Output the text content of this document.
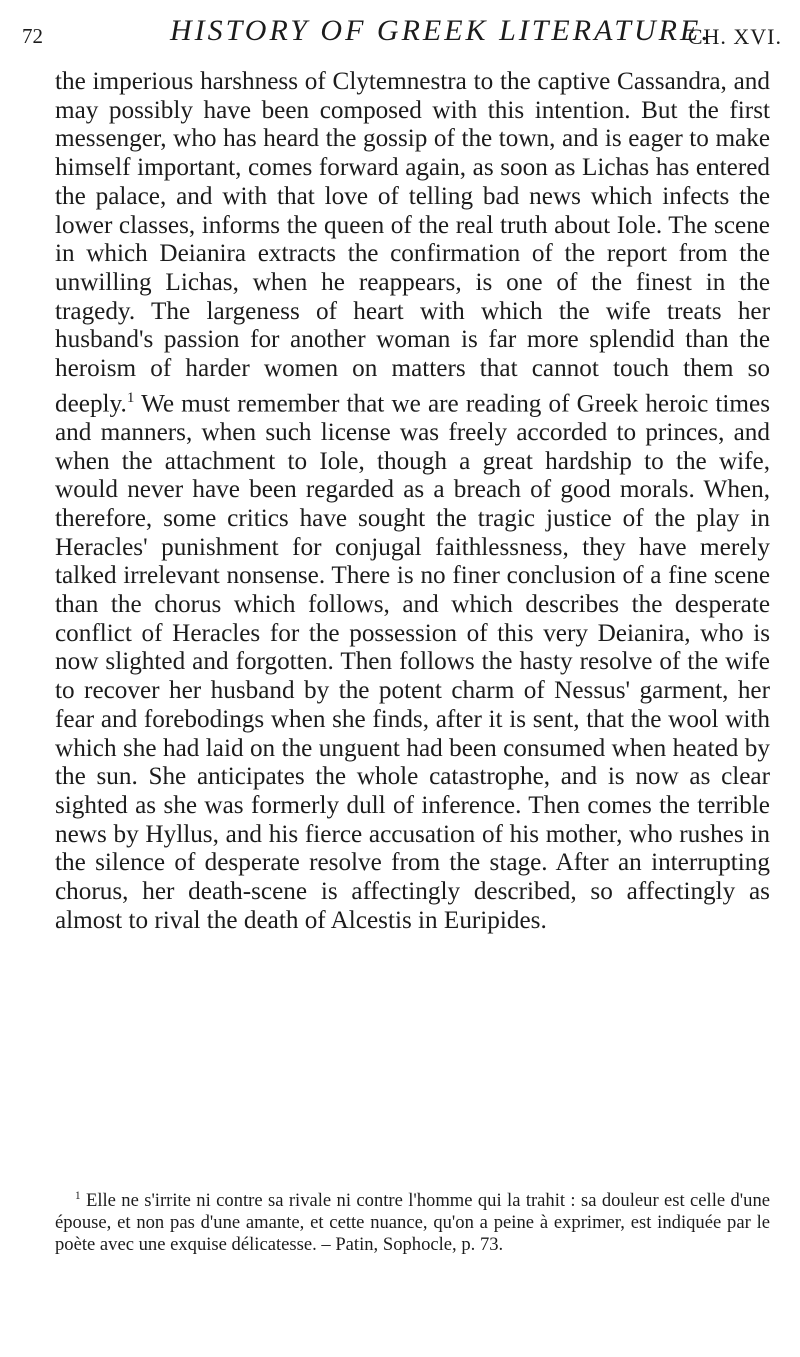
72	HISTORY OF GREEK LITERATURE.
CH. XVI.

the imperious harshness of Clytemnestra to the captive Cassandra, and may possibly have been composed with this intention. But the first messenger, who has heard the gossip of the town, and is eager to make himself important, comes forward again, as soon as Lichas has entered the palace, and with that love of telling bad news which infects the lower classes, informs the queen of the real truth about Iole. The scene in which Deianira extracts the confirmation of the report from the unwilling Lichas, when he reappears, is one of the finest in the tragedy. The largeness of heart with which the wife treats her husband's passion for another woman is far more splendid than the heroism of harder women on matters that cannot touch them so deeply.$^1$ We must remember that we are reading of Greek heroic times and manners, when such license was freely accorded to princes, and when the attachment to Iole, though a great hardship to the wife, would never have been regarded as a breach of good morals. When, therefore, some critics have sought the tragic justice of the play in Heracles' punishment for conjugal faithlessness, they have merely talked irrelevant nonsense. There is no finer conclusion of a fine scene than the chorus which follows, and which describes the desperate conflict of Heracles for the possession of this very Deianira, who is now slighted and forgotten. Then follows the hasty resolve of the wife to recover her husband by the potent charm of Nessus' garment, her fear and forebodings when she finds, after it is sent, that the wool with which she had laid on the unguent had been consumed when heated by the sun. She anticipates the whole catastrophe, and is now as clear sighted as she was formerly dull of inference. Then comes the terrible news by Hyllus, and his fierce accusation of his mother, who rushes in the silence of desperate resolve from the stage. After an interrupting chorus, her death-scene is affectingly described, so affectingly as almost to rival the death of Alcestis in Euripides.

$^1$ Elle ne s'irrite ni contre sa rivale ni contre l'homme qui la trahit : sa douleur est celle d'une épouse, et non pas d'une amante, et cette nuance, qu'on a peine à exprimer, est indiquée par le poète avec une exquise délicatesse. – Patin, Sophocle, p. 73.
